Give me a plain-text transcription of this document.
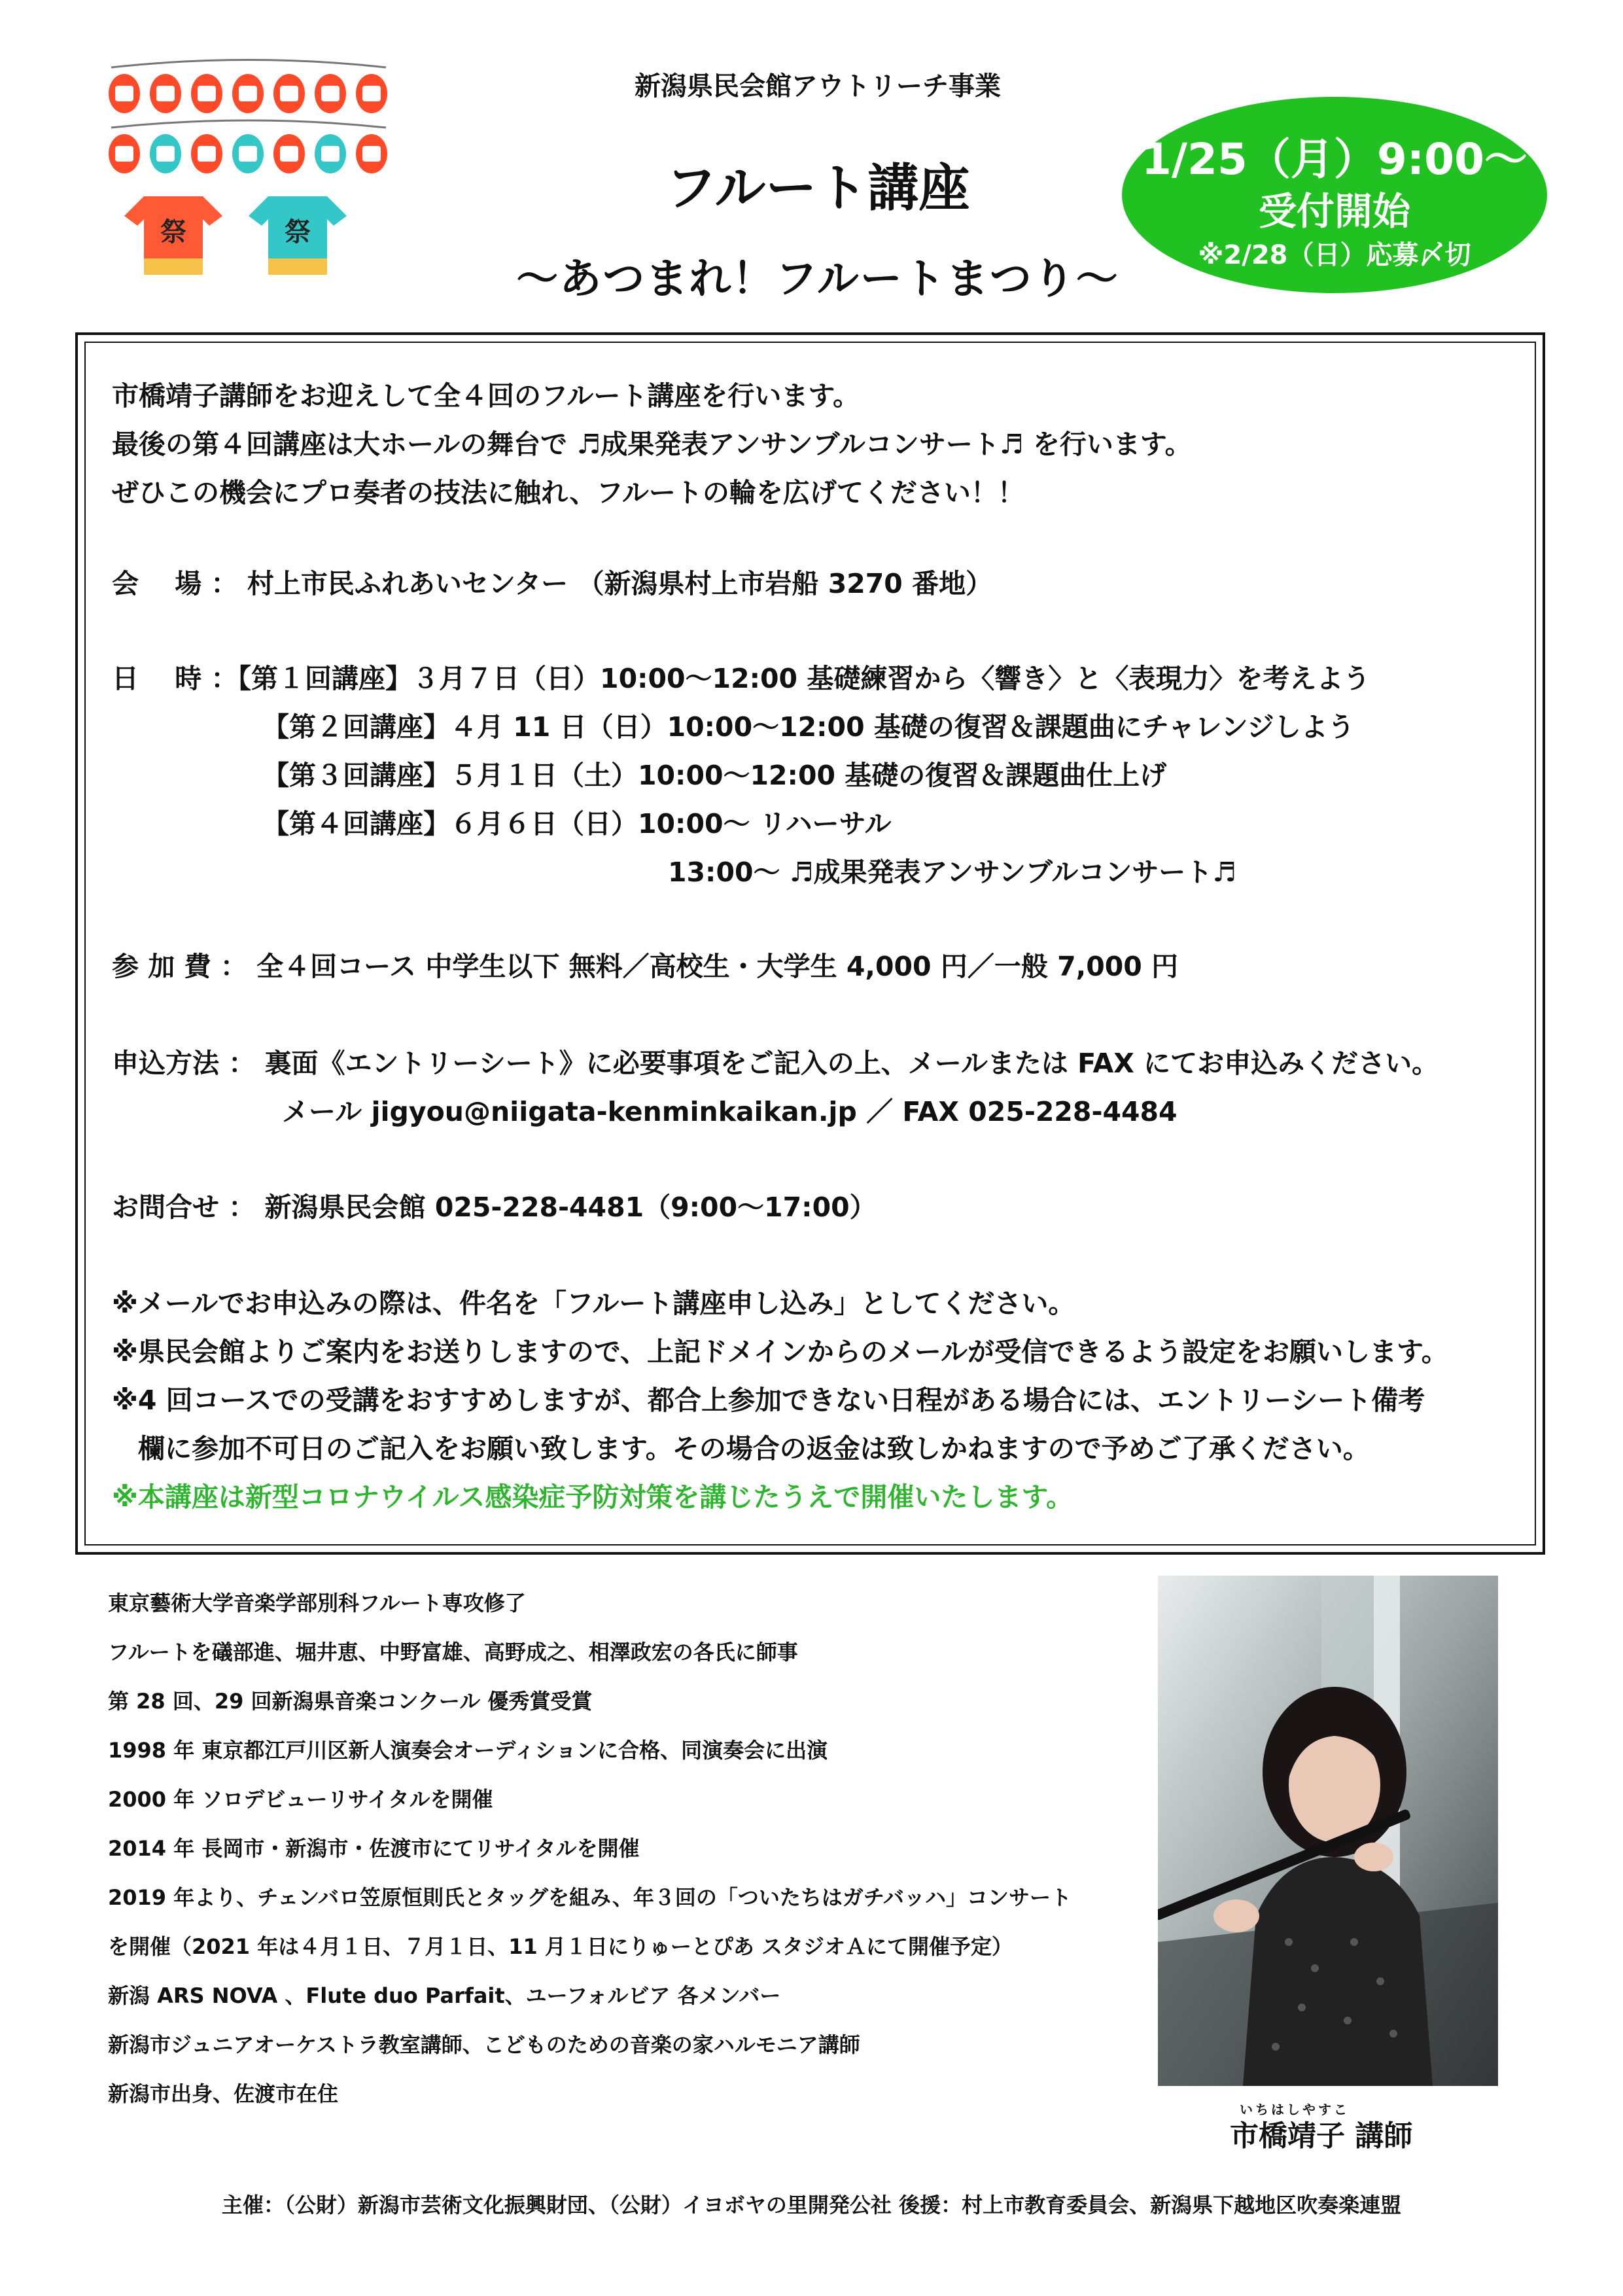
祭	祭
新潟県民会館アウトリーチ事業
フルート講座
～あつまれ！フルートまつり～
1/25（月）9:00～
受付開始
※2/28（日）応募〆切
市橋靖子講師をお迎えして全４回のフルート講座を行います。
最後の第４回講座は大ホールの舞台で ♬成果発表アンサンブルコンサート♬ を行います。
ぜひこの機会にプロ奏者の技法に触れ、フルートの輪を広げてください！！
会　 場 ： 村上市民ふれあいセンター （新潟県村上市岩船 3270 番地）
日　 時 ：【第１回講座】３月７日（日）10:00～12:00 基礎練習から〈響き〉と〈表現力〉を考えよう
【第２回講座】４月 11 日（日）10:00～12:00 基礎の復習＆課題曲にチャレンジしよう
【第３回講座】５月１日（土）10:00～12:00 基礎の復習＆課題曲仕上げ
【第４回講座】６月６日（日）10:00～ リハーサル
13:00～ ♬成果発表アンサンブルコンサート♬
参 加 費 ： 全４回コース 中学生以下 無料／高校生・大学生 4,000 円／一般 7,000 円
申込方法 ： 裏面《エントリーシート》に必要事項をご記入の上、メールまたは FAX にてお申込みください。
メール jigyou@niigata-kenminkaikan.jp ／ FAX 025-228-4484
お問合せ ： 新潟県民会館 025-228-4481（9:00～17:00）
※メールでお申込みの際は、件名を「フルート講座申し込み」としてください。
※県民会館よりご案内をお送りしますので、上記ドメインからのメールが受信できるよう設定をお願いします。
※4 回コースでの受講をおすすめしますが、都合上参加できない日程がある場合には、エントリーシート備考
欄に参加不可日のご記入をお願い致します。その場合の返金は致しかねますので予めご了承ください。
※本講座は新型コロナウイルス感染症予防対策を講じたうえで開催いたします。
東京藝術大学音楽学部別科フルート専攻修了
フルートを礒部進、堀井恵、中野富雄、高野成之、相澤政宏の各氏に師事
第 28 回、29 回新潟県音楽コンクール 優秀賞受賞
1998 年 東京都江戸川区新人演奏会オーディションに合格、同演奏会に出演
2000 年 ソロデビューリサイタルを開催
2014 年 長岡市・新潟市・佐渡市にてリサイタルを開催
2019 年より、チェンバロ笠原恒則氏とタッグを組み、年３回の「ついたちはガチバッハ」コンサート
を開催（2021 年は４月１日、７月１日、11 月１日にりゅーとぴあ スタジオＡにて開催予定）
新潟 ARS NOVA 、Flute duo Parfait、ユーフォルビア 各メンバー
新潟市ジュニアオーケストラ教室講師、こどものための音楽の家ハルモニア講師
新潟市出身、佐渡市在住
いちはしやすこ
市橋靖子 講師
主催：（公財）新潟市芸術文化振興財団、（公財）イヨボヤの里開発公社 後援：村上市教育委員会、新潟県下越地区吹奏楽連盟
